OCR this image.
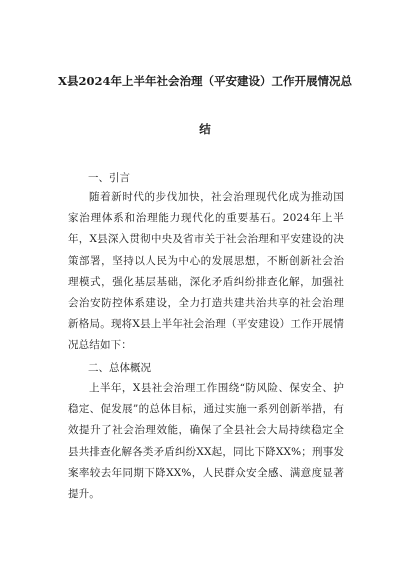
X县2024年上半年社会治理（平安建设）工作开展情况总
结
一、引言

随着新时代的步伐加快，社会治理现代化成为推动国家治理体系和治理能力现代化的重要基石。2024年上半年，X县深入贯彻中央及省市关于社会治理和平安建设的决策部署，坚持以人民为中心的发展思想，不断创新社会治理模式，强化基层基础，深化矛盾纠纷排查化解，加强社会治安防控体系建设，全力打造共建共治共享的社会治理新格局。现将X县上半年社会治理（平安建设）工作开展情况总结如下：

二、总体概况

上半年，X县社会治理工作围绕“防风险、保安全、护稳定、促发展”的总体目标，通过实施一系列创新举措，有效提升了社会治理效能，确保了全县社会大局持续稳定全县共排查化解各类矛盾纠纷XX起，同比下降XX%；刑事发案率较去年同期下降XX%，人民群众安全感、满意度显著提升。
